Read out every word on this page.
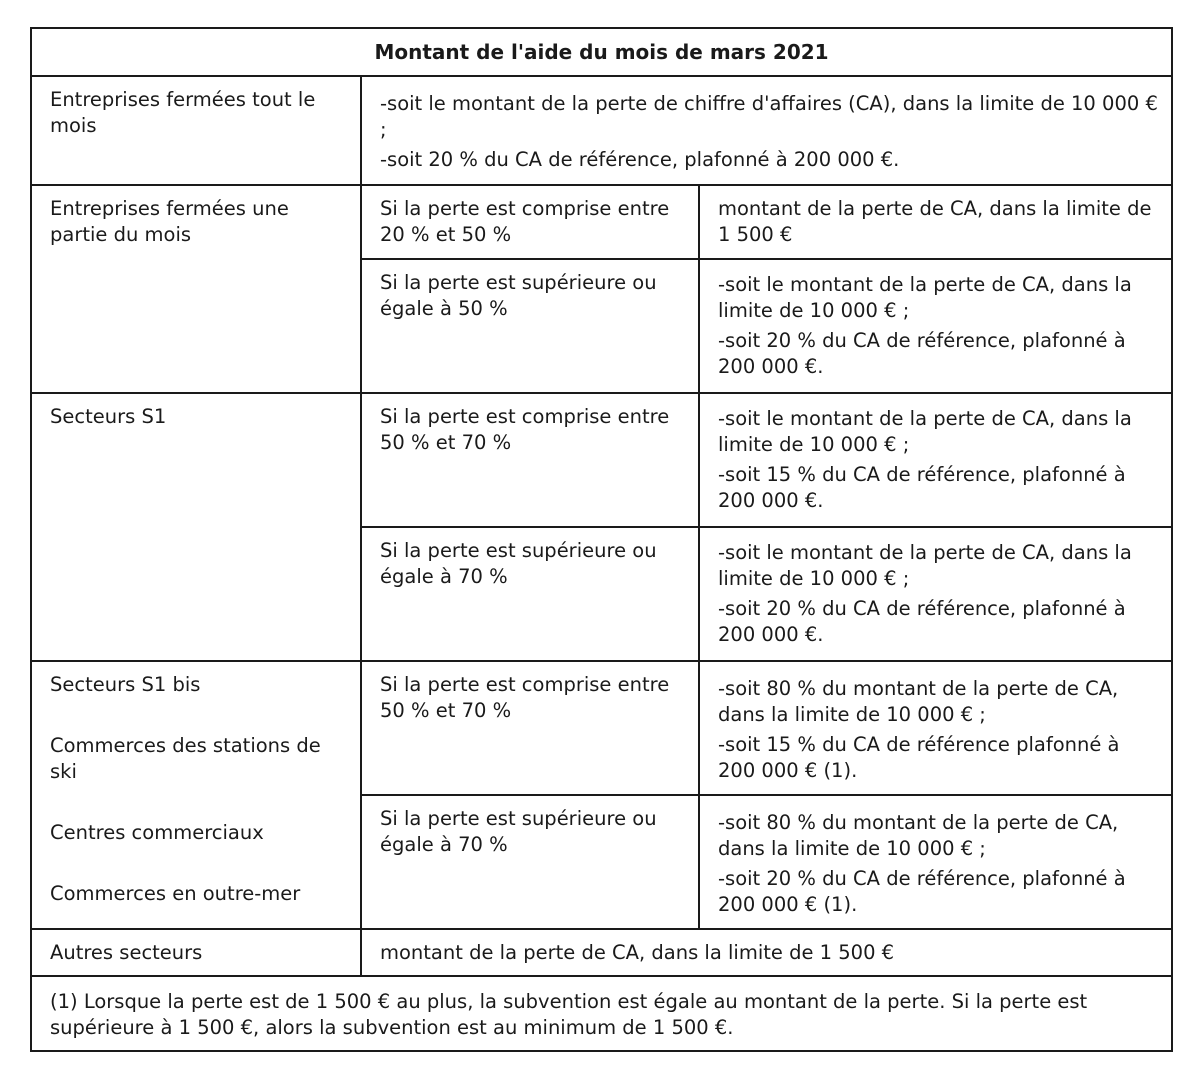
Montant de l'aide du mois de mars 2021		
Entreprises fermées tout le mois	-soit le montant de la perte de chiffre d'affaires (CA), dans la limite de 10 000 € ;
-soit 20 % du CA de référence, plafonné à 200 000 €.	

Entreprises fermées une partie du mois	Si la perte est comprise entre 20 % et 50 %	montant de la perte de CA, dans la limite de 1 500 €

	Si la perte est supérieure ou égale à 50 %	-soit le montant de la perte de CA, dans la limite de 10 000 € ;
-soit 20 % du CA de référence, plafonné à 200 000 €.

Secteurs S1	Si la perte est comprise entre 50 % et 70 %	-soit le montant de la perte de CA, dans la limite de 10 000 € ;
-soit 15 % du CA de référence, plafonné à 200 000 €.

	Si la perte est supérieure ou égale à 70 %	-soit le montant de la perte de CA, dans la limite de 10 000 € ;
-soit 20 % du CA de référence, plafonné à 200 000 €.

Secteurs S1 bis
Commerces des stations de ski
Centres commerciaux
Commerces en outre-mer	Si la perte est comprise entre 50 % et 70 %	-soit 80 % du montant de la perte de CA, dans la limite de 10 000 € ;
-soit 15 % du CA de référence plafonné à 200 000 € (1).

	Si la perte est supérieure ou égale à 70 %	-soit 80 % du montant de la perte de CA, dans la limite de 10 000 € ;
-soit 20 % du CA de référence, plafonné à 200 000 € (1).

Autres secteurs	montant de la perte de CA, dans la limite de 1 500 €	
(1) Lorsque la perte est de 1 500 € au plus, la subvention est égale au montant de la perte. Si la perte est supérieure à 1 500 €, alors la subvention est au minimum de 1 500 €.		
